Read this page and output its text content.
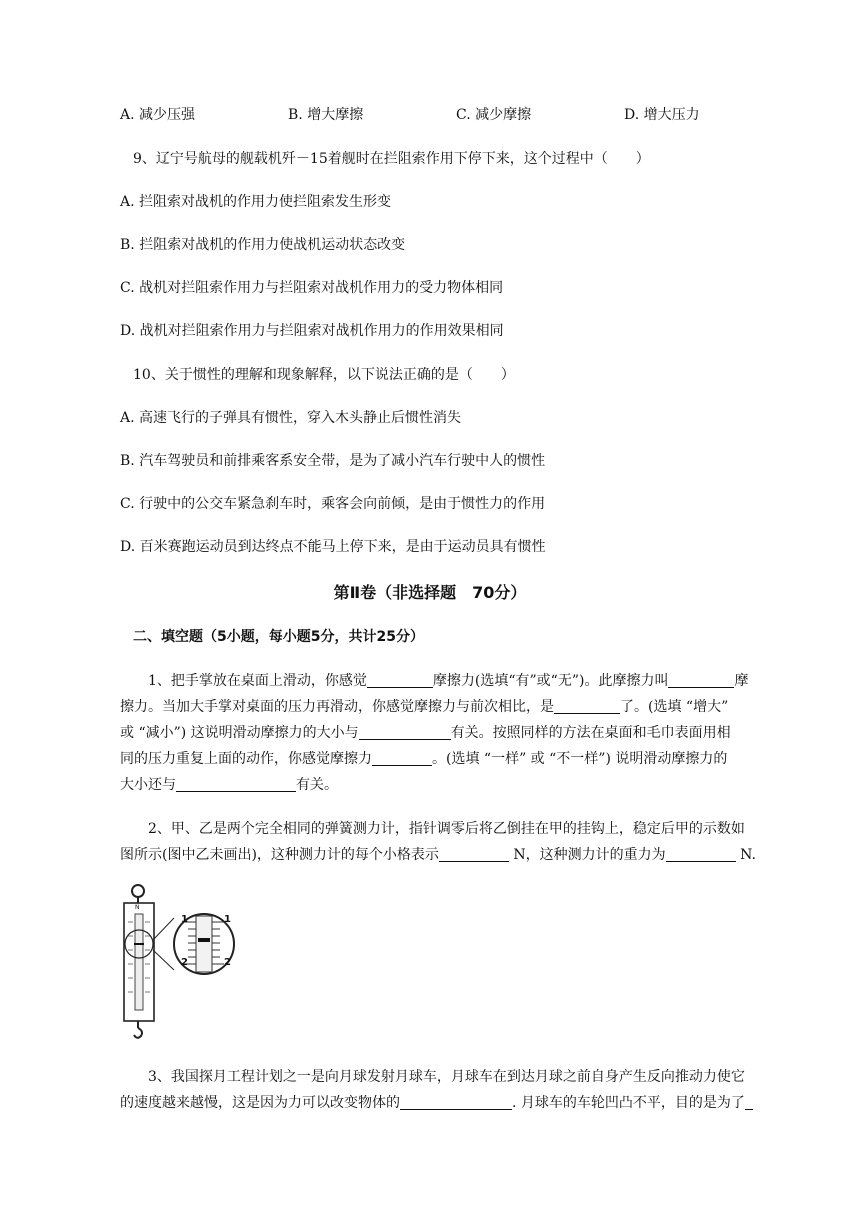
A. 减少压强	B. 增大摩擦	C. 减少摩擦	D. 增大压力
9、辽宁号航母的舰载机歼－15着舰时在拦阻索作用下停下来，这个过程中（　　）
A. 拦阻索对战机的作用力使拦阻索发生形变
B. 拦阻索对战机的作用力使战机运动状态改变
C. 战机对拦阻索作用力与拦阻索对战机作用力的受力物体相同
D. 战机对拦阻索作用力与拦阻索对战机作用力的作用效果相同
10、关于惯性的理解和现象解释，以下说法正确的是（　　）
A. 高速飞行的子弹具有惯性，穿入木头静止后惯性消失
B. 汽车驾驶员和前排乘客系安全带，是为了减小汽车行驶中人的惯性
C. 行驶中的公交车紧急刹车时，乘客会向前倾，是由于惯性力的作用
D. 百米赛跑运动员到达终点不能马上停下来，是由于运动员具有惯性
第Ⅱ卷（非选择题　70分）
二、填空题（5小题，每小题5分，共计25分）
　　1、把手掌放在桌面上滑动，你感觉	摩擦力(选填“有”或“无”)。此摩擦力叫	摩
擦力。当加大手掌对桌面的压力再滑动，你感觉摩擦力与前次相比，是	了。(选填 “增大”
或 “减小”) 这说明滑动摩擦力的大小与	有关。按照同样的方法在桌面和毛巾表面用相
同的压力重复上面的动作，你感觉摩擦力	。(选填 “一样” 或 “不一样”) 说明滑动摩擦力的
大小还与	有关。
　　2、甲、乙是两个完全相同的弹簧测力计，指针调零后将乙倒挂在甲的挂钩上，稳定后甲的示数如
图所示(图中乙未画出)，这种测力计的每个小格表示	N，这种测力计的重力为	N.
N
1	1
2	2
　　3、我国探月工程计划之一是向月球发射月球车，月球车在到达月球之前自身产生反向推动力使它
的速度越来越慢，这是因为力可以改变物体的	. 月球车的车轮凹凸不平，目的是为了
